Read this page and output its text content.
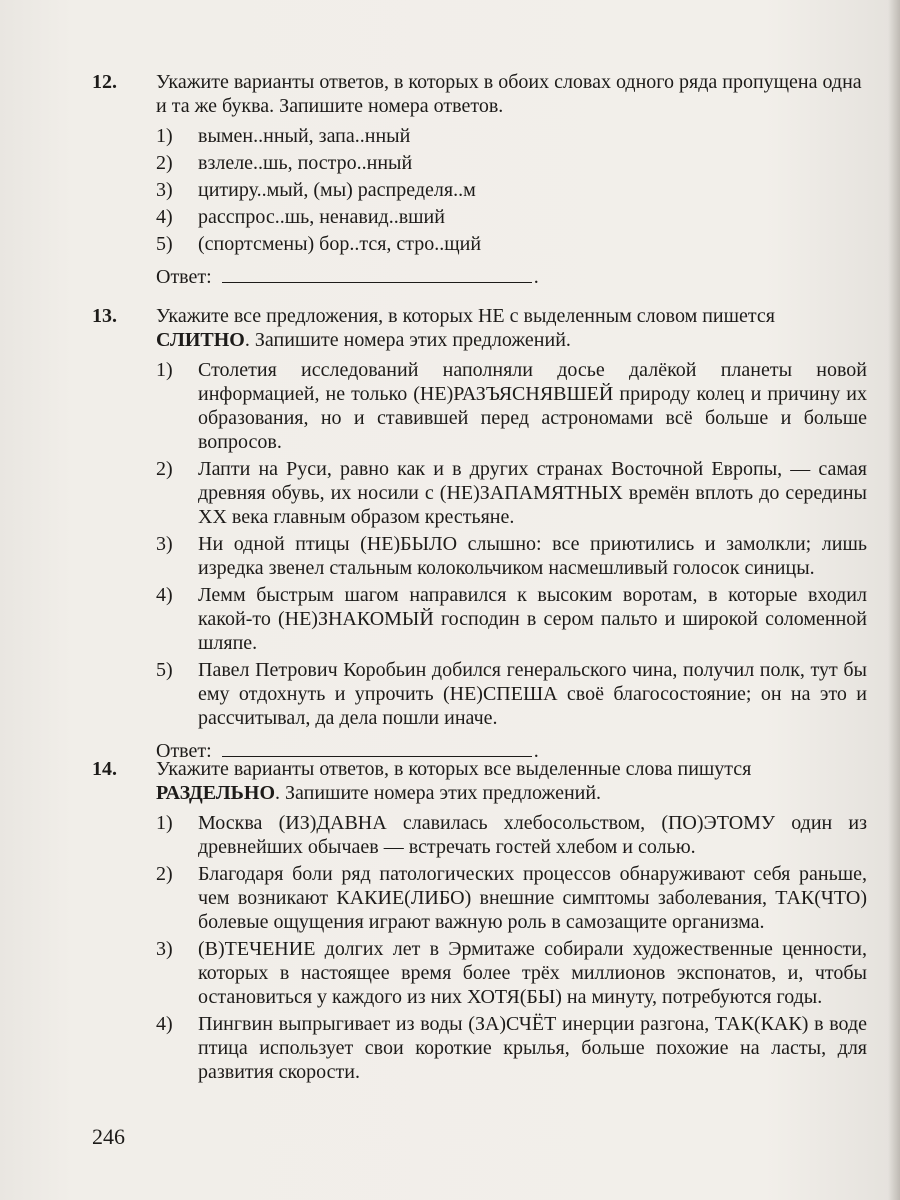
12. Укажите варианты ответов, в которых в обоих словах одного ряда пропущена одна и та же буква. Запишите номера ответов.
1)	вымен..нный, запа..нный
2)	взлеле..шь, постро..нный
3)	цитиру..мый, (мы) распределя..м
4)	расспрос..шь, ненавид..вший
5)	(спортсмены) бор..тся, стро..щий
Ответ:	.
13. Укажите все предложения, в которых НЕ с выделенным словом пишется СЛИТНО. Запишите номера этих предложений.
1)	Столетия исследований наполняли досье далёкой планеты новой информацией, не только (НЕ)РАЗЪЯСНЯВШЕЙ природу колец и причину их образования, но и ставившей перед астрономами всё больше и больше вопросов.
2)	Лапти на Руси, равно как и в других странах Восточной Европы, — самая древняя обувь, их носили с (НЕ)ЗАПАМЯТНЫХ времён вплоть до середины XX века главным образом крестьяне.
3)	Ни одной птицы (НЕ)БЫЛО слышно: все приютились и замолкли; лишь изредка звенел стальным колокольчиком насмешливый голосок синицы.
4)	Лемм быстрым шагом направился к высоким воротам, в которые входил какой-то (НЕ)ЗНАКОМЫЙ господин в сером пальто и широкой соломенной шляпе.
5)	Павел Петрович Коробьин добился генеральского чина, получил полк, тут бы ему отдохнуть и упрочить (НЕ)СПЕША своё благосостояние; он на это и рассчитывал, да дела пошли иначе.
Ответ:	.
14. Укажите варианты ответов, в которых все выделенные слова пишутся РАЗДЕЛЬНО. Запишите номера этих предложений.
1)	Москва (ИЗ)ДАВНА славилась хлебосольством, (ПО)ЭТОМУ один из древнейших обычаев — встречать гостей хлебом и солью.
2)	Благодаря боли ряд патологических процессов обнаруживают себя раньше, чем возникают КАКИЕ(ЛИБО) внешние симптомы заболевания, ТАК(ЧТО) болевые ощущения играют важную роль в самозащите организма.
3)	(В)ТЕЧЕНИЕ долгих лет в Эрмитаже собирали художественные ценности, которых в настоящее время более трёх миллионов экспонатов, и, чтобы остановиться у каждого из них ХОТЯ(БЫ) на минуту, потребуются годы.
4)	Пингвин выпрыгивает из воды (ЗА)СЧЁТ инерции разгона, ТАК(КАК) в воде птица использует свои короткие крылья, больше похожие на ласты, для развития скорости.
246
